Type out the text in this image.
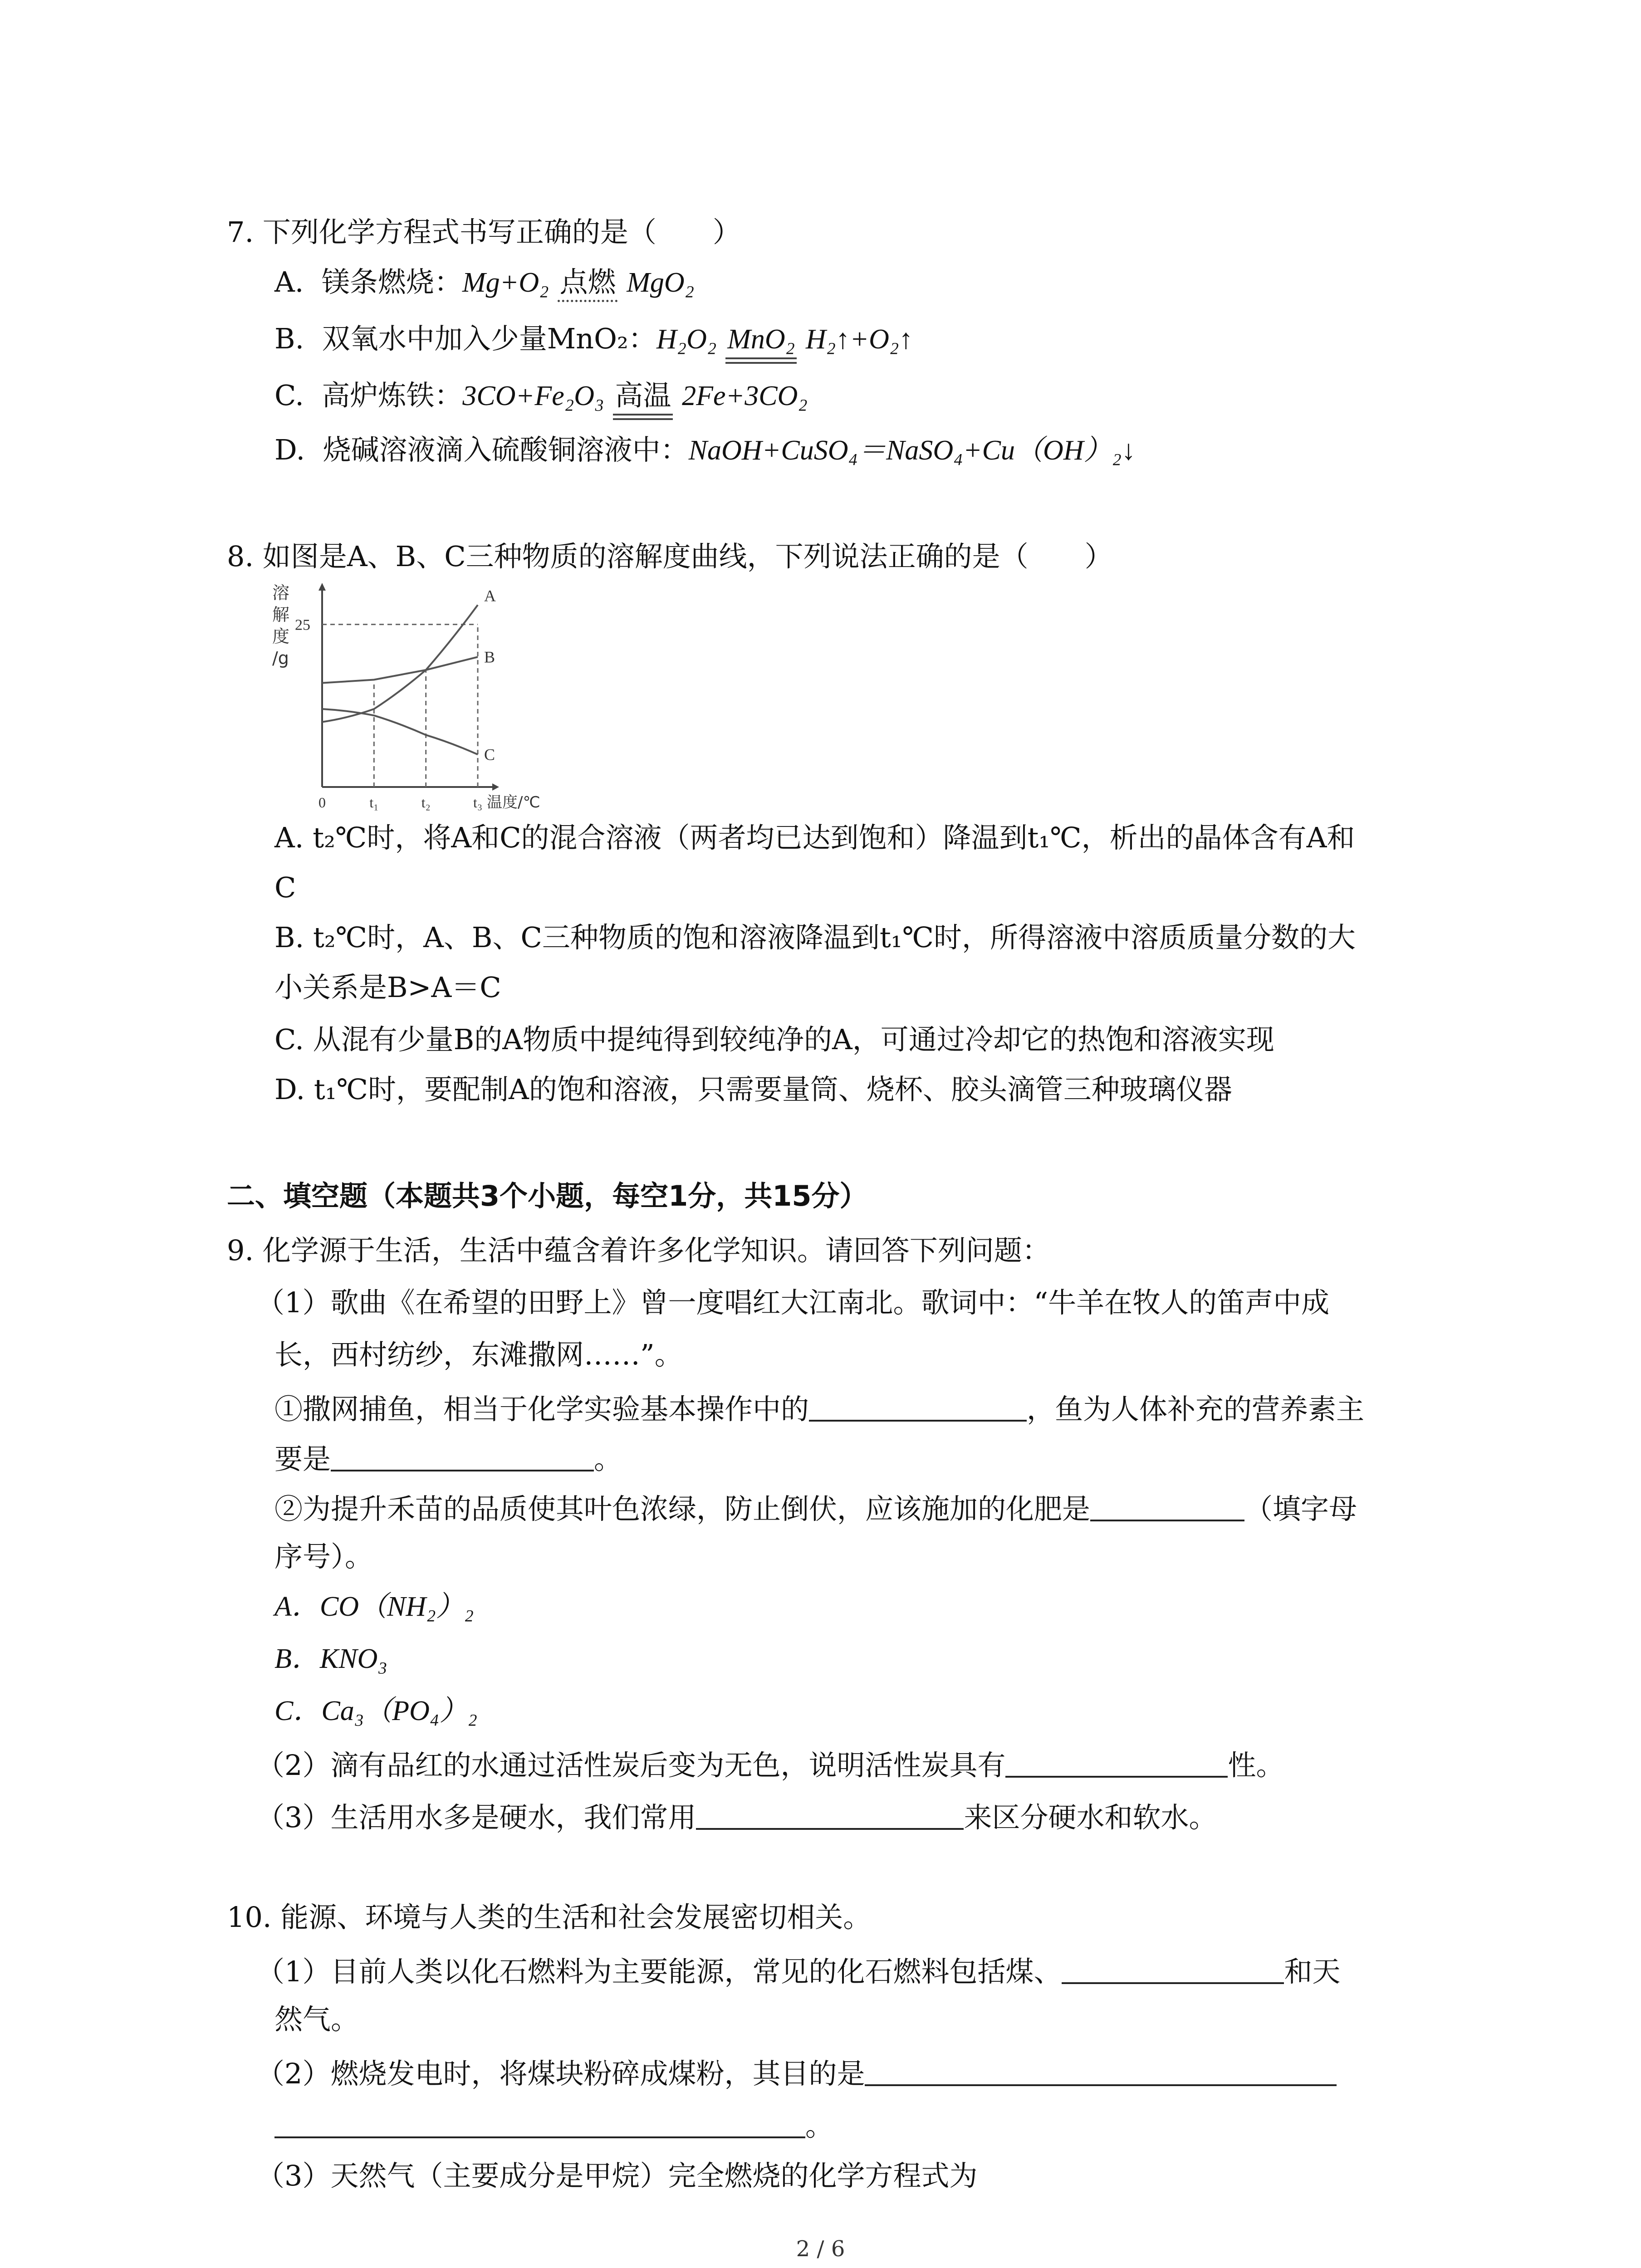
7. 下列化学方程式书写正确的是（　　）
A. 镁条燃烧：Mg+O₂ 点燃 MgO₂
B. 双氧水中加入少量MnO₂：H₂O₂ MnO₂ H₂↑+O₂↑
C. 高炉炼铁：3CO+Fe₂O₃ 高温 2Fe+3CO₂
D. 烧碱溶液滴入硫酸铜溶液中：NaOH+CuSO₄＝NaSO₄+Cu（OH）₂↓
8. 如图是A、B、C三种物质的溶解度曲线，下列说法正确的是（　　）
A
B
C
溶
解
度
/g
25
0	t₁	t₂	t₃ 温度/℃
A. t₂℃时，将A和C的混合溶液（两者均已达到饱和）降温到t₁℃，析出的晶体含有A和
C
B. t₂℃时，A、B、C三种物质的饱和溶液降温到t₁℃时，所得溶液中溶质质量分数的大
小关系是B>A＝C
C. 从混有少量B的A物质中提纯得到较纯净的A，可通过冷却它的热饱和溶液实现
D. t₁℃时，要配制A的饱和溶液，只需要量筒、烧杯、胶头滴管三种玻璃仪器
二、填空题（本题共3个小题，每空1分，共15分）
9. 化学源于生活，生活中蕴含着许多化学知识。请回答下列问题：
（1）歌曲《在希望的田野上》曾一度唱红大江南北。歌词中：“牛羊在牧人的笛声中成
长，西村纺纱，东滩撒网……”。
①撒网捕鱼，相当于化学实验基本操作中的	，鱼为人体补充的营养素主
要是	。
②为提升禾苗的品质使其叶色浓绿，防止倒伏，应该施加的化肥是	（填字母
序号）。
A．CO（NH₂）₂
B．KNO₃
C．Ca₃（PO₄）₂
（2）滴有品红的水通过活性炭后变为无色，说明活性炭具有	性。
（3）生活用水多是硬水，我们常用	来区分硬水和软水。
10. 能源、环境与人类的生活和社会发展密切相关。
（1）目前人类以化石燃料为主要能源，常见的化石燃料包括煤、	和天
然气。
（2）燃烧发电时，将煤块粉碎成煤粉，其目的是
。
（3）天然气（主要成分是甲烷）完全燃烧的化学方程式为
2 / 6
